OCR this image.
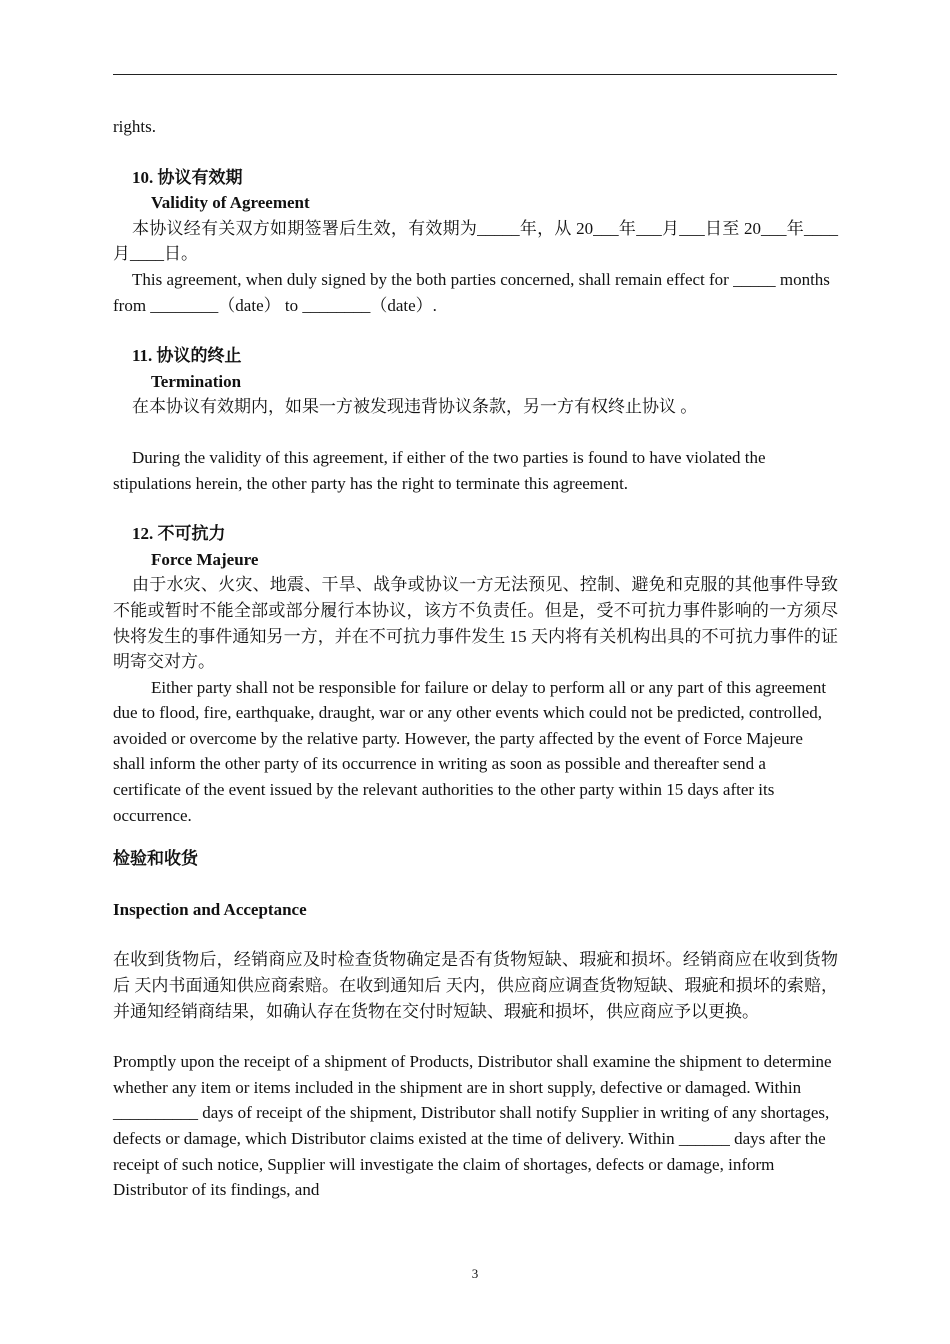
rights.

10. 协议有效期

Validity of Agreement

本协议经有关双方如期签署后生效，有效期为_____年，从 20___年___月___日至 20___年____月____日。

This agreement, when duly signed by the both parties concerned, shall remain effect for _____ months from ________（date） to ________（date）.

11. 协议的终止

Termination

在本协议有效期内，如果一方被发现违背协议条款，另一方有权终止协议 。

During the validity of this agreement, if either of the two parties is found to have violated the stipulations herein, the other party has the right to terminate this agreement.

12. 不可抗力

Force Majeure

由于水灾、火灾、地震、干旱、战争或协议一方无法预见、控制、避免和克服的其他事件导致不能或暂时不能全部或部分履行本协议，该方不负责任。但是，受不可抗力事件影响的一方须尽快将发生的事件通知另一方，并在不可抗力事件发生 15 天内将有关机构出具的不可抗力事件的证明寄交对方。

Either party shall not be responsible for failure or delay to perform all or any part of this agreement due to flood, fire, earthquake, draught, war or any other events which could not be predicted, controlled, avoided or overcome by the relative party. However, the party affected by the event of Force Majeure shall inform the other party of its occurrence in writing as soon as possible and thereafter send a certificate of the event issued by the relevant authorities to the other party within 15 days after its occurrence.

检验和收货

Inspection and Acceptance

在收到货物后，经销商应及时检查货物确定是否有货物短缺、瑕疵和损坏。经销商应在收到货物后 天内书面通知供应商索赔。在收到通知后 天内，供应商应调查货物短缺、瑕疵和损坏的索赔，并通知经销商结果，如确认存在货物在交付时短缺、瑕疵和损坏，供应商应予以更换。

Promptly upon the receipt of a shipment of Products, Distributor shall examine the shipment to determine whether any item or items included in the shipment are in short supply, defective or damaged. Within __________ days of receipt of the shipment, Distributor shall notify Supplier in writing of any shortages, defects or damage, which Distributor claims existed at the time of delivery. Within ______ days after the receipt of such notice, Supplier will investigate the claim of shortages, defects or damage, inform Distributor of its findings, and

3
